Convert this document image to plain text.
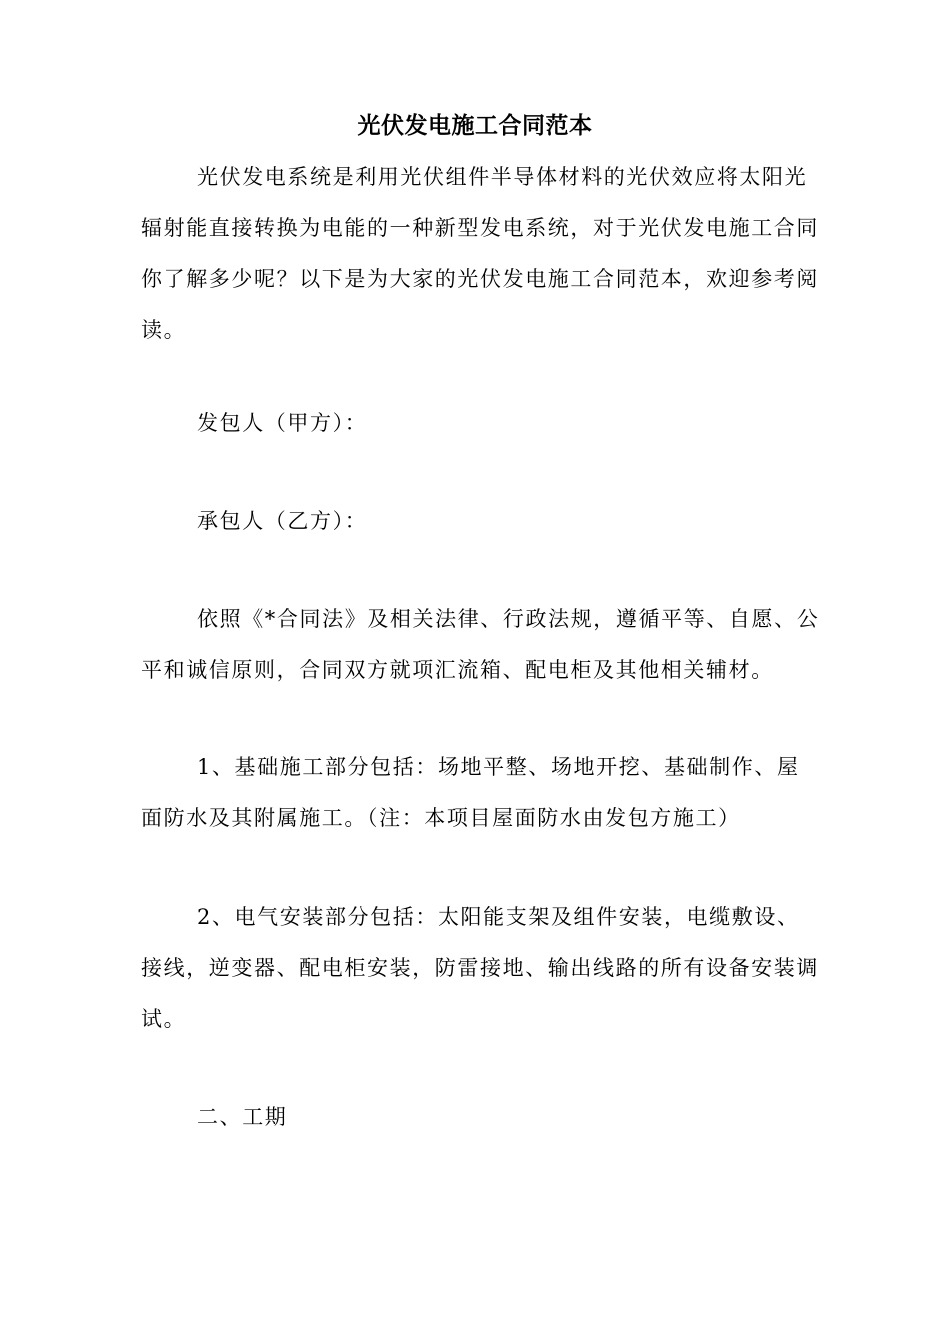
光伏发电施工合同范本

光伏发电系统是利用光伏组件半导体材料的光伏效应将太阳光辐射能直接转换为电能的一种新型发电系统，对于光伏发电施工合同你了解多少呢？以下是为大家的光伏发电施工合同范本，欢迎参考阅读。

发包人（甲方）：

承包人（乙方）：

依照《*合同法》及相关法律、行政法规，遵循平等、自愿、公平和诚信原则，合同双方就项汇流箱、配电柜及其他相关辅材。

1、基础施工部分包括：场地平整、场地开挖、基础制作、屋面防水及其附属施工。（注：本项目屋面防水由发包方施工）

2、电气安装部分包括：太阳能支架及组件安装，电缆敷设、接线，逆变器、配电柜安装，防雷接地、输出线路的所有设备安装调试。

二、工期
